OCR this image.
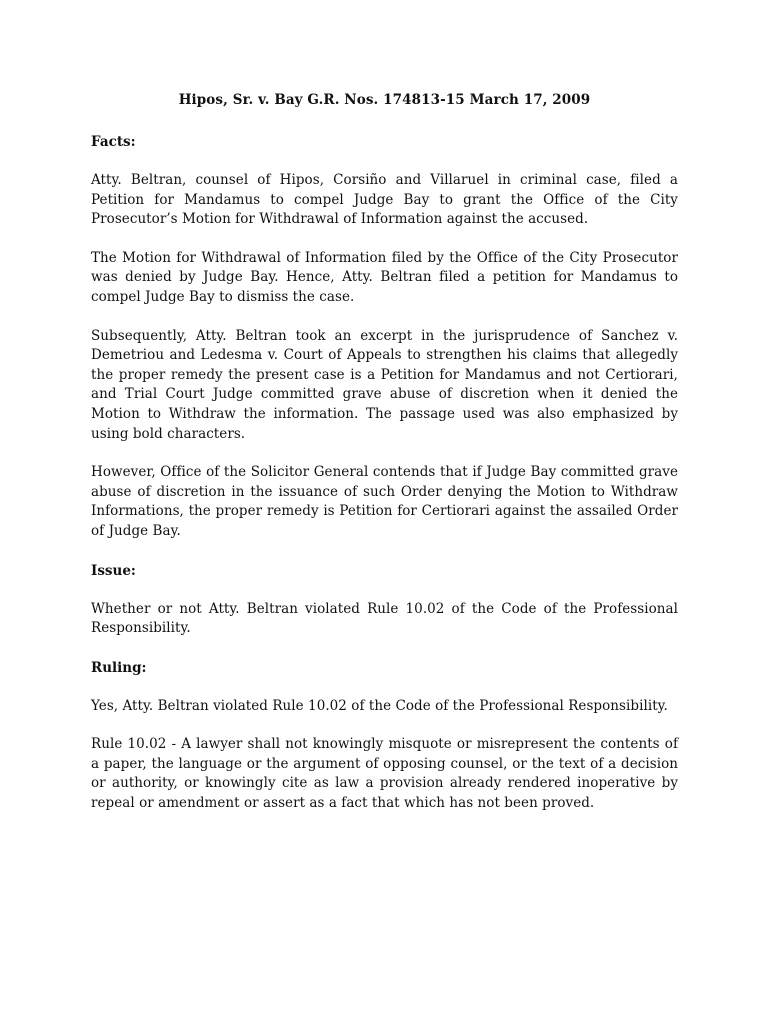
Hipos, Sr. v. Bay G.R. Nos. 174813-15 March 17, 2009
Facts:

Atty. Beltran, counsel of Hipos, Corsiño and Villaruel in criminal case, filed a Petition for Mandamus to compel Judge Bay to grant the Office of the City Prosecutor’s Motion for Withdrawal of Information against the accused.

The Motion for Withdrawal of Information filed by the Office of the City Prosecutor was denied by Judge Bay. Hence, Atty. Beltran filed a petition for Mandamus to compel Judge Bay to dismiss the case.

Subsequently, Atty. Beltran took an excerpt in the jurisprudence of Sanchez v. Demetriou and Ledesma v. Court of Appeals to strengthen his claims that allegedly the proper remedy the present case is a Petition for Mandamus and not Certiorari, and Trial Court Judge committed grave abuse of discretion when it denied the Motion to Withdraw the information. The passage used was also emphasized by using bold characters.

However, Office of the Solicitor General contends that if Judge Bay committed grave abuse of discretion in the issuance of such Order denying the Motion to Withdraw Informations, the proper remedy is Petition for Certiorari against the assailed Order of Judge Bay.

Issue:

Whether or not Atty. Beltran violated Rule 10.02 of the Code of the Professional Responsibility.

Ruling:

Yes, Atty. Beltran violated Rule 10.02 of the Code of the Professional Responsibility.

Rule 10.02 - A lawyer shall not knowingly misquote or misrepresent the contents of a paper, the language or the argument of opposing counsel, or the text of a decision or authority, or knowingly cite as law a provision already rendered inoperative by repeal or amendment or assert as a fact that which has not been proved.
